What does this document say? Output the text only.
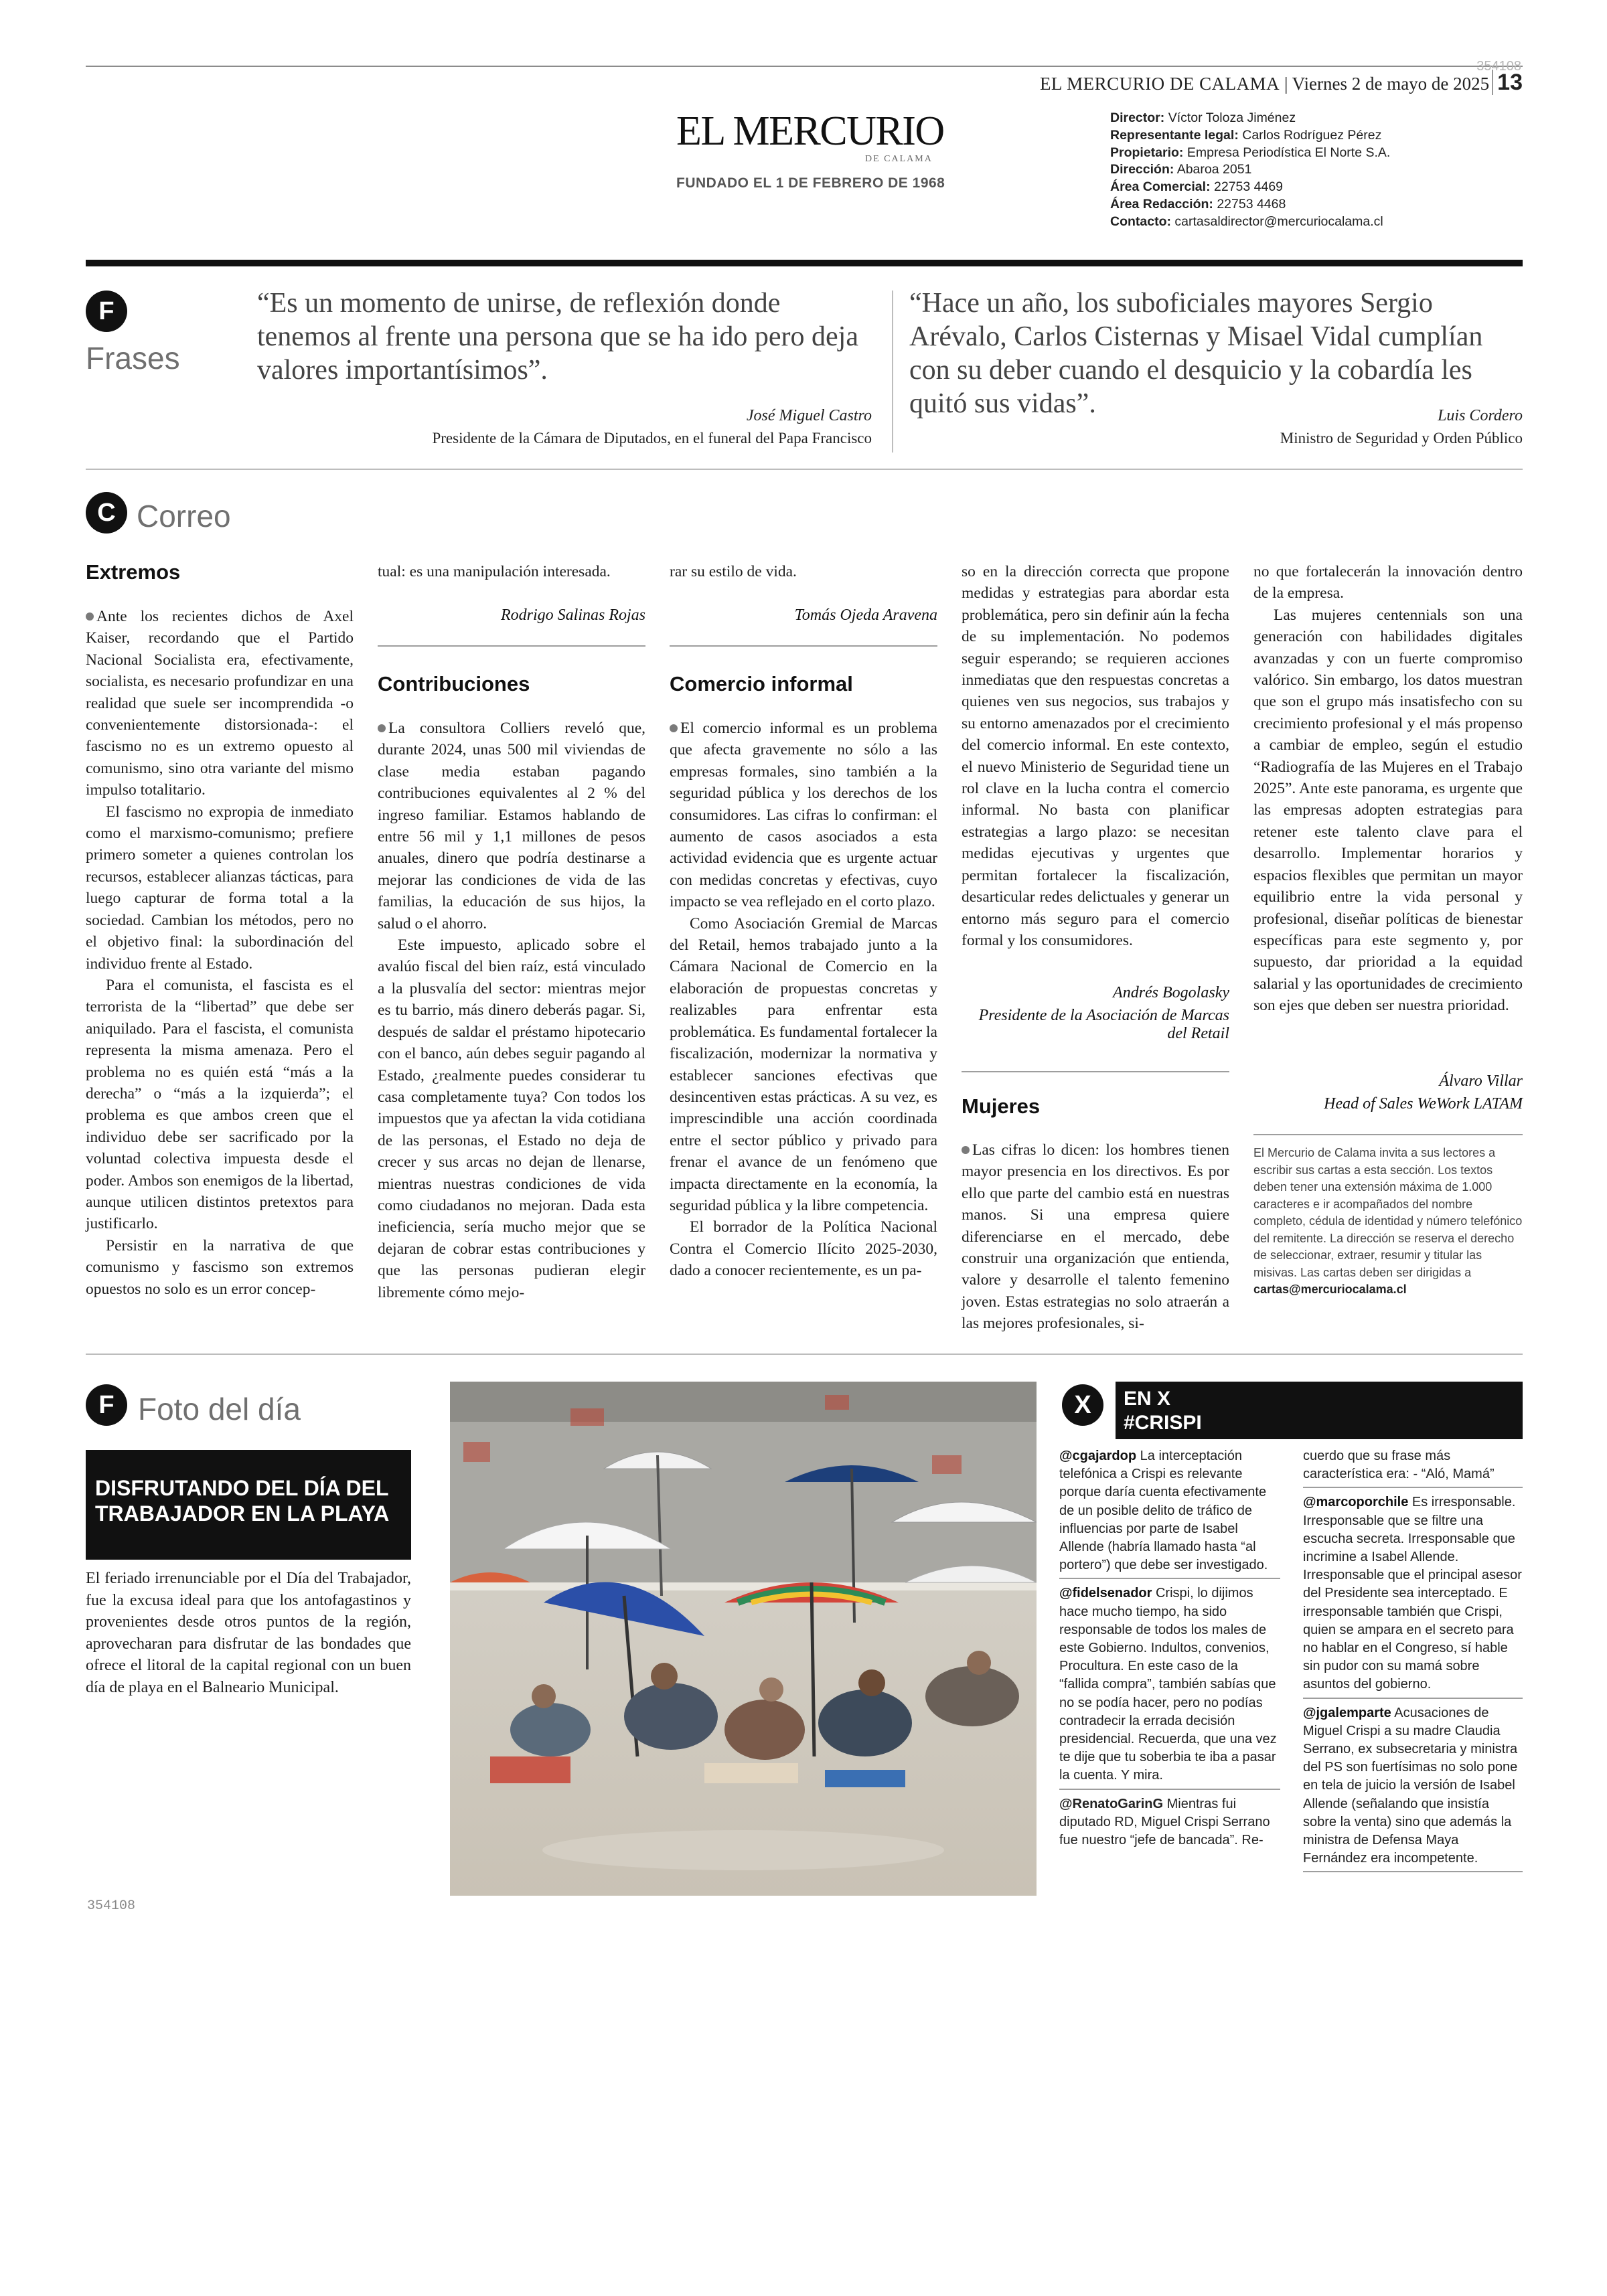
354108
EL MERCURIO DE CALAMA | Viernes 2 de mayo de 2025 13
EL MERCURIO
DE CALAMA
FUNDADO EL 1 DE FEBRERO DE 1968
Director: Víctor Toloza Jiménez
Representante legal: Carlos Rodríguez Pérez
Propietario: Empresa Periodística El Norte S.A.
Dirección: Abaroa 2051
Área Comercial: 22753 4469
Área Redacción: 22753 4468
Contacto: cartasaldirector@mercuriocalama.cl
F
Frases
“Es un momento de unirse, de reflexión donde tenemos al frente una persona que se ha ido pero deja valores importantísimos”.
José Miguel Castro
Presidente de la Cámara de Diputados, en el funeral del Papa Francisco
“Hace un año, los suboficiales mayores Sergio Arévalo, Carlos Cisternas y Misael Vidal cumplían con su deber cuando el desquicio y la cobardía les quitó sus vidas”.	Luis Cordero
Ministro de Seguridad y Orden Público
C Correo
Extremos

Ante los recientes dichos de Axel Kaiser, recordando que el Partido Nacional Socialista era, efectivamente, socialista, es necesario profundizar en una realidad que suele ser incomprendida -o convenientemente distorsionada-: el fascismo no es un extremo opuesto al comunismo, sino otra variante del mismo impulso totalitario.

El fascismo no expropia de inmediato como el marxismo-comunismo; prefiere primero someter a quienes controlan los recursos, establecer alianzas tácticas, para luego capturar de forma total a la sociedad. Cambian los métodos, pero no el objetivo final: la subordinación del individuo frente al Estado.

Para el comunista, el fascista es el terrorista de la “libertad” que debe ser aniquilado. Para el fascista, el comunista representa la misma amenaza. Pero el problema no es quién está “más a la derecha” o “más a la izquierda”; el problema es que ambos creen que el individuo debe ser sacrificado por la voluntad colectiva impuesta desde el poder. Ambos son enemigos de la libertad, aunque utilicen distintos pretextos para justificarlo.

Persistir en la narrativa de que comunismo y fascismo son extremos opuestos no solo es un error concep-

tual: es una manipulación interesada.

Rodrigo Salinas Rojas
Contribuciones

La consultora Colliers reveló que, durante 2024, unas 500 mil viviendas de clase media estaban pagando contribuciones equivalentes al 2 % del ingreso familiar. Estamos hablando de entre 56 mil y 1,1 millones de pesos anuales, dinero que podría destinarse a mejorar las condiciones de vida de las familias, la educación de sus hijos, la salud o el ahorro.

Este impuesto, aplicado sobre el avalúo fiscal del bien raíz, está vinculado a la plusvalía del sector: mientras mejor es tu barrio, más dinero deberás pagar. Si, después de saldar el préstamo hipotecario con el banco, aún debes seguir pagando al Estado, ¿realmente puedes considerar tu casa completamente tuya? Con todos los impuestos que ya afectan la vida cotidiana de las personas, el Estado no deja de crecer y sus arcas no dejan de llenarse, mientras nuestras condiciones de vida como ciudadanos no mejoran. Dada esta ineficiencia, sería mucho mejor que se dejaran de cobrar estas contribuciones y que las personas pudieran elegir libremente cómo mejo-

rar su estilo de vida.

Tomás Ojeda Aravena
Comercio informal

El comercio informal es un problema que afecta gravemente no sólo a las empresas formales, sino también a la seguridad pública y los derechos de los consumidores. Las cifras lo confirman: el aumento de casos asociados a esta actividad evidencia que es urgente actuar con medidas concretas y efectivas, cuyo impacto se vea reflejado en el corto plazo.

Como Asociación Gremial de Marcas del Retail, hemos trabajado junto a la Cámara Nacional de Comercio en la elaboración de propuestas concretas y realizables para enfrentar esta problemática. Es fundamental fortalecer la fiscalización, modernizar la normativa y establecer sanciones efectivas que desincentiven estas prácticas. A su vez, es imprescindible una acción coordinada entre el sector público y privado para frenar el avance de un fenómeno que impacta directamente en la economía, la seguridad pública y la libre competencia.

El borrador de la Política Nacional Contra el Comercio Ilícito 2025-2030, dado a conocer recientemente, es un pa-

so en la dirección correcta que propone medidas y estrategias para abordar esta problemática, pero sin definir aún la fecha de su implementación. No podemos seguir esperando; se requieren acciones inmediatas que den respuestas concretas a quienes ven sus negocios, sus trabajos y su entorno amenazados por el crecimiento del comercio informal. En este contexto, el nuevo Ministerio de Seguridad tiene un rol clave en la lucha contra el comercio informal. No basta con planificar estrategias a largo plazo: se necesitan medidas ejecutivas y urgentes que permitan fortalecer la fiscalización, desarticular redes delictuales y generar un entorno más seguro para el comercio formal y los consumidores.

Andrés Bogolasky
Presidente de la Asociación de Marcas del Retail
Mujeres

Las cifras lo dicen: los hombres tienen mayor presencia en los directivos. Es por ello que parte del cambio está en nuestras manos. Si una empresa quiere diferenciarse en el mercado, debe construir una organización que entienda, valore y desarrolle el talento femenino joven. Estas estrategias no solo atraerán a las mejores profesionales, si-

no que fortalecerán la innovación dentro de la empresa.

Las mujeres centennials son una generación con habilidades digitales avanzadas y con un fuerte compromiso valórico. Sin embargo, los datos muestran que son el grupo más insatisfecho con su crecimiento profesional y el más propenso a cambiar de empleo, según el estudio “Radiografía de las Mujeres en el Trabajo 2025”. Ante este panorama, es urgente que las empresas adopten estrategias para retener este talento clave para el desarrollo. Implementar horarios y espacios flexibles que permitan un mayor equilibrio entre la vida personal y profesional, diseñar políticas de bienestar específicas para este segmento y, por supuesto, dar prioridad a la equidad salarial y las oportunidades de crecimiento son ejes que deben ser nuestra prioridad.

Álvaro Villar
Head of Sales WeWork LATAM
El Mercurio de Calama invita a sus lectores a escribir sus cartas a esta sección. Los textos deben tener una extensión máxima de 1.000 caracteres e ir acompañados del nombre completo, cédula de identidad y número telefónico del remitente. La dirección se reserva el derecho de seleccionar, extraer, resumir y titular las misivas. Las cartas deben ser dirigidas a cartas@mercuriocalama.cl
F Foto del día
DISFRUTANDO DEL DÍA DEL TRABAJADOR EN LA PLAYA
El feriado irrenunciable por el Día del Trabajador, fue la excusa ideal para que los antofagastinos y provenientes desde otros puntos de la región, aprovecharan para disfrutar de las bondades que ofrece el litoral de la capital regional con un buen día de playa en el Balneario Municipal.
X	EN X
#CRISPI
@cgajardop La interceptación telefónica a Crispi es relevante porque daría cuenta efectivamente de un posible delito de tráfico de influencias por parte de Isabel Allende (habría llamado hasta “al portero”) que debe ser investigado.
@fidelsenador Crispi, lo dijimos hace mucho tiempo, ha sido responsable de todos los males de este Gobierno. Indultos, convenios, Procultura. En este caso de la “fallida compra”, también sabías que no se podía hacer, pero no podías contradecir la errada decisión presidencial. Recuerda, que una vez te dije que tu soberbia te iba a pasar la cuenta. Y mira.
@RenatoGarinG Mientras fui diputado RD, Miguel Crispi Serrano fue nuestro “jefe de bancada”. Re-
cuerdo que su frase más característica era: - “Aló, Mamá”
@marcoporchile Es irresponsable. Irresponsable que se filtre una escucha secreta. Irresponsable que incrimine a Isabel Allende. Irresponsable que el principal asesor del Presidente sea interceptado. E irresponsable también que Crispi, quien se ampara en el secreto para no hablar en el Congreso, sí hable sin pudor con su mamá sobre asuntos del gobierno.
@jgalemparte Acusaciones de Miguel Crispi a su madre Claudia Serrano, ex subsecretaria y ministra del PS son fuertísimas no solo pone en tela de juicio la versión de Isabel Allende (señalando que insistía sobre la venta) sino que además la ministra de Defensa Maya Fernández era incompetente.
354108
